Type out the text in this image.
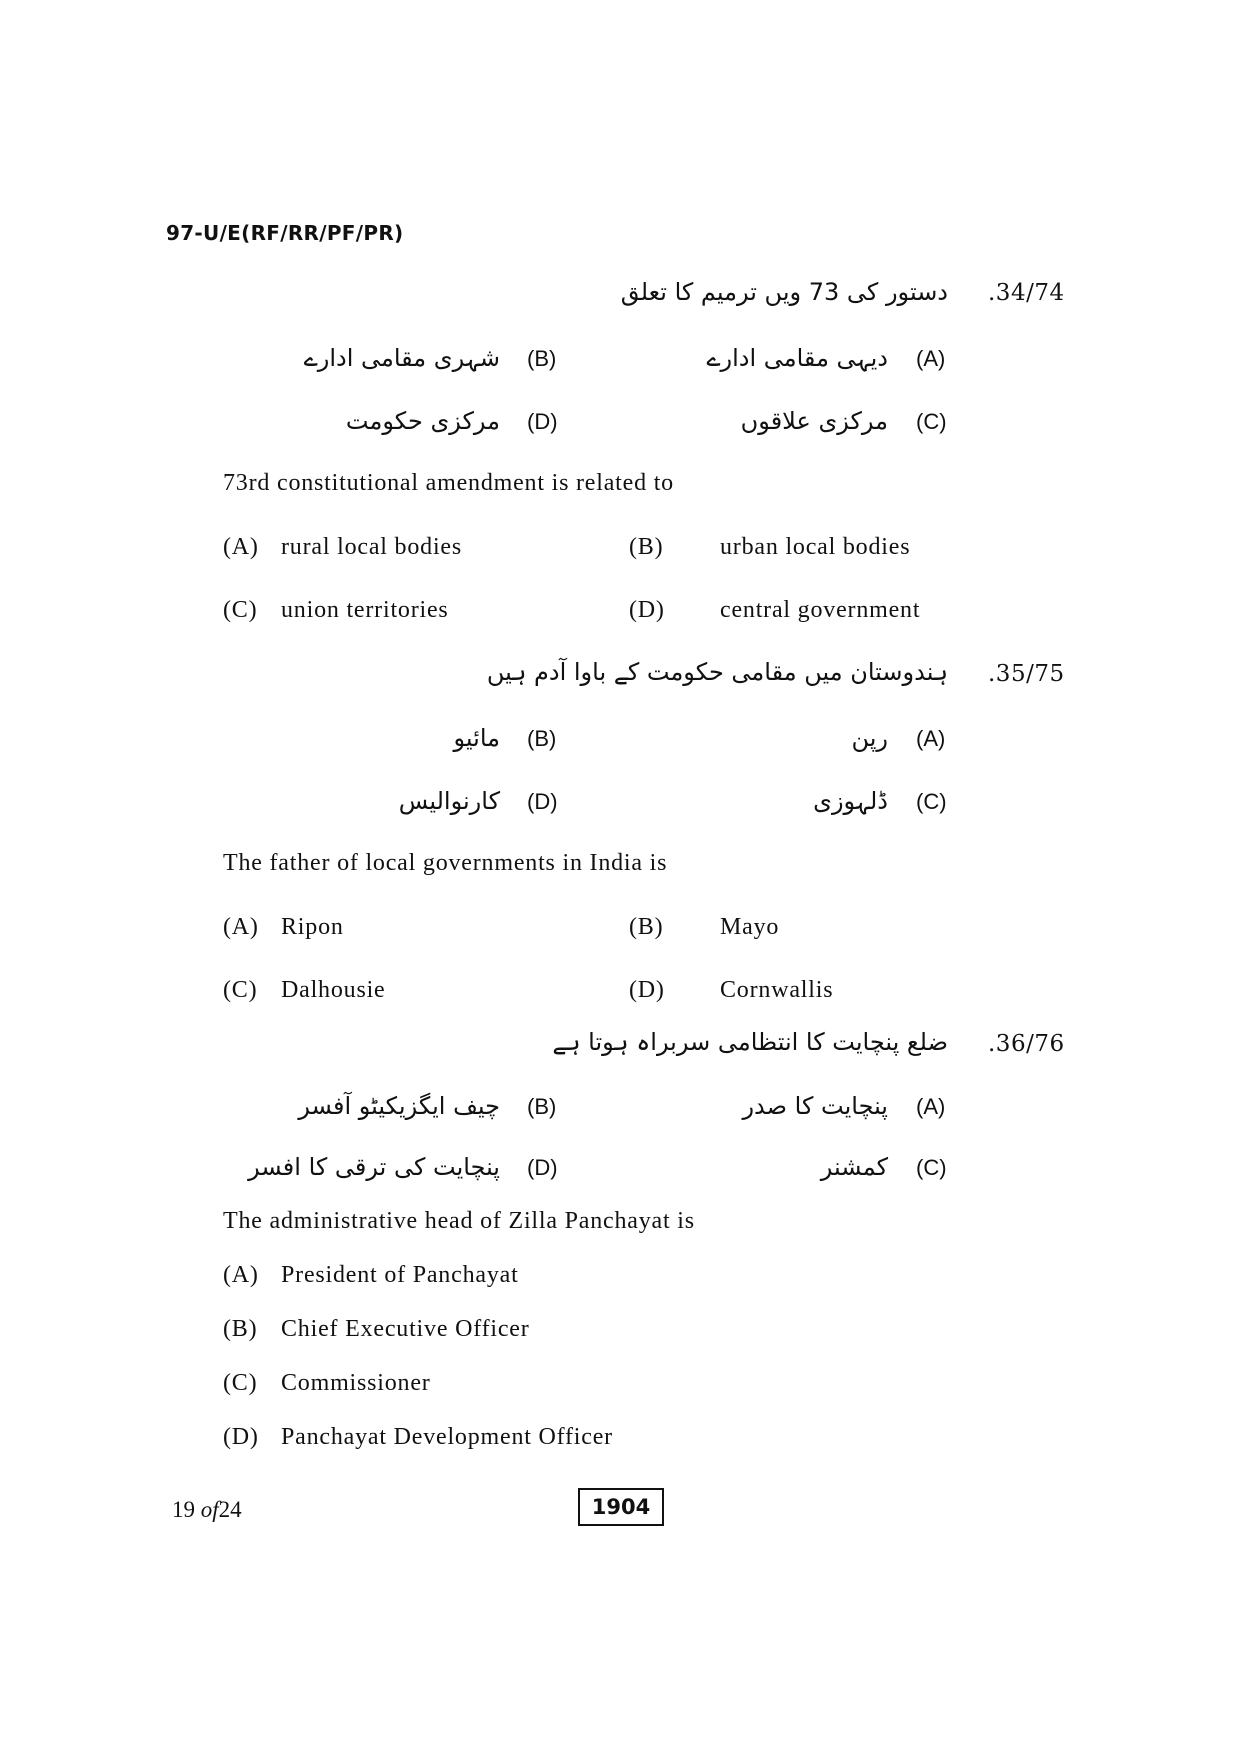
97-U/E(RF/RR/PF/PR)
.34/74
دستور کی 73 ویں ترمیم کا تعلق
شہری مقامی ادارے (B)	دیہی مقامی ادارے (A)
مرکزی حکومت (D)	مرکزی علاقوں (C)
73rd constitutional amendment is related to
(A) rural local bodies	(B) urban local bodies
(C) union territories	(D) central government
.35/75
ہندوستان میں مقامی حکومت کے باوا آدم ہیں
مائیو (B)	رپن (A)
کارنوالیس (D)	ڈلہوزی (C)
The father of local governments in India is
(A) Ripon	(B) Mayo
(C) Dalhousie	(D) Cornwallis
.36/76
ضلع پنچایت کا انتظامی سربراہ ہوتا ہے
چیف ایگزیکیٹو آفسر (B)	پنچایت کا صدر (A)
پنچایت کی ترقی کا افسر (D)	کمشنر (C)
The administrative head of Zilla Panchayat is
(A) President of Panchayat
(B) Chief Executive Officer
(C) Commissioner
(D) Panchayat Development Officer
19 of24	1904
